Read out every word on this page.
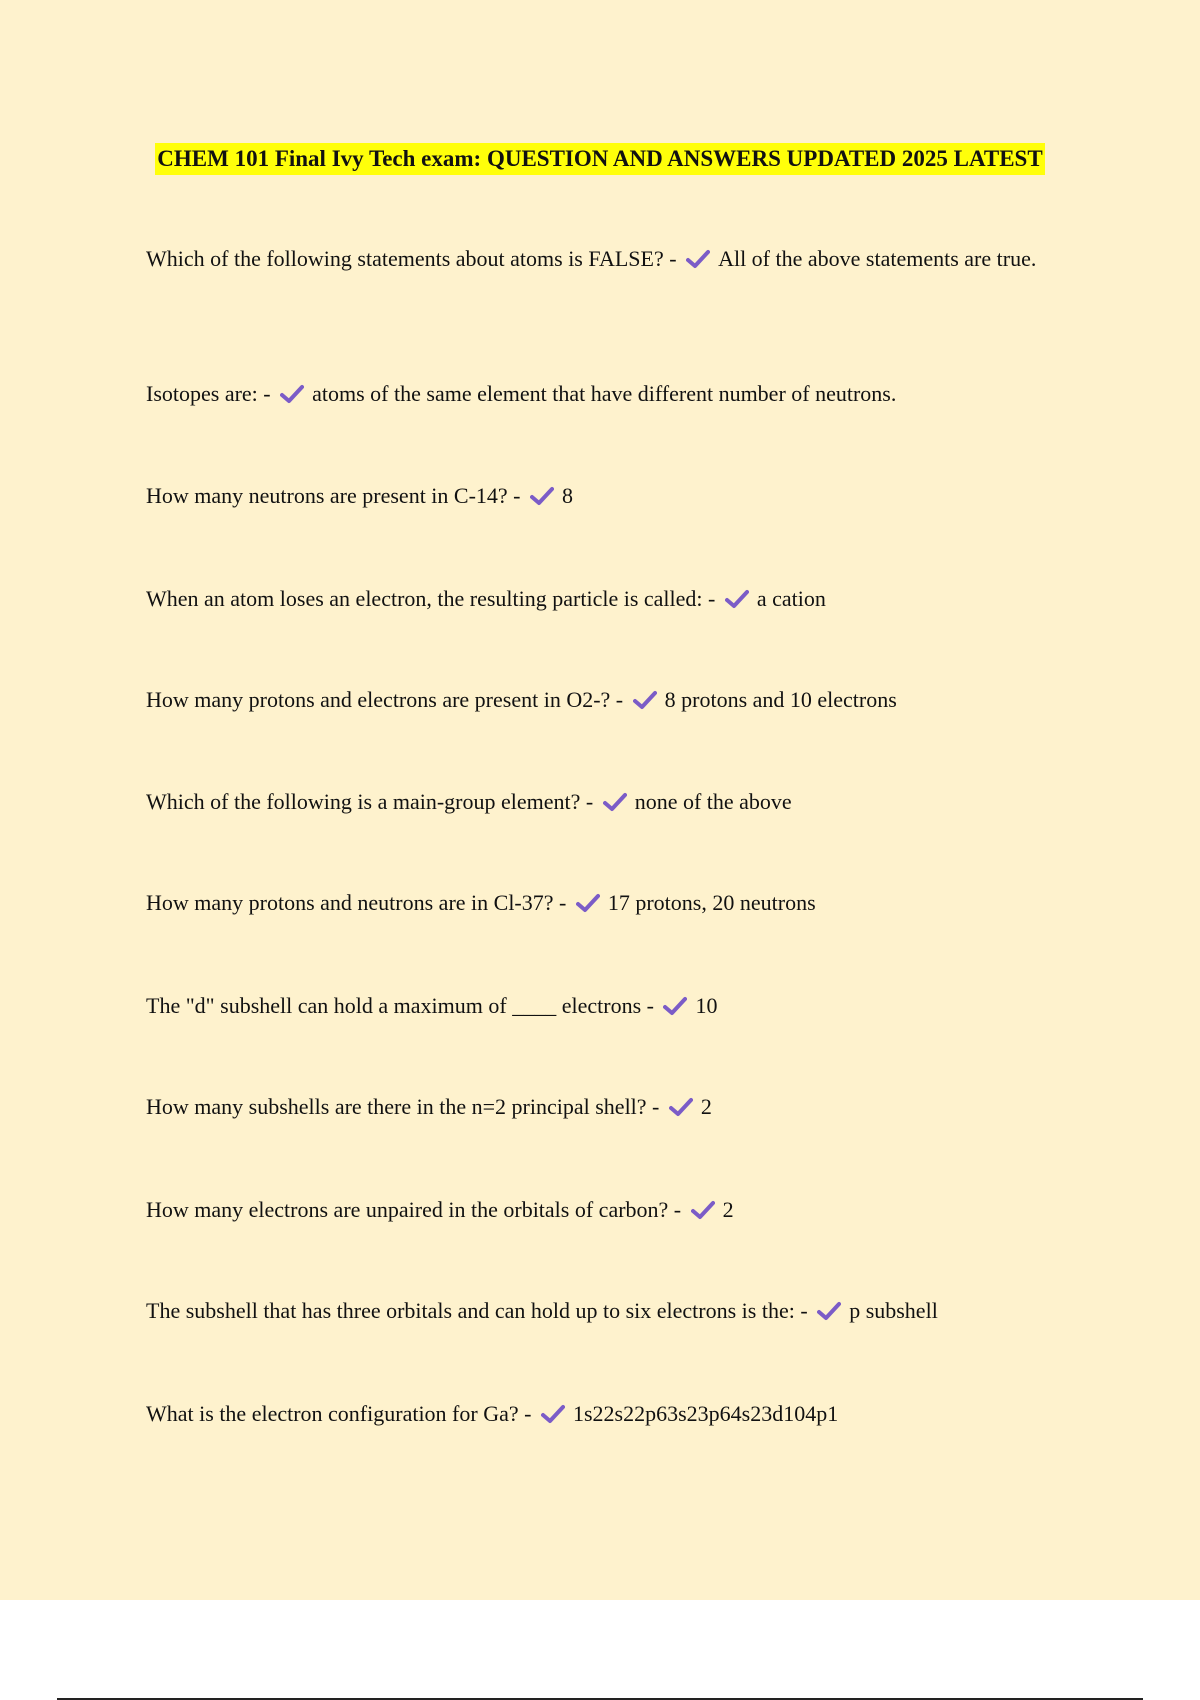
CHEM 101 Final Ivy Tech exam: QUESTION AND ANSWERS UPDATED 2025 LATEST
Which of the following statements about atoms is FALSE? - All of the above statements are true.
Isotopes are: - atoms of the same element that have different number of neutrons.
How many neutrons are present in C-14? - 8
When an atom loses an electron, the resulting particle is called: - a cation
How many protons and electrons are present in O2-? - 8 protons and 10 electrons
Which of the following is a main-group element? - none of the above
How many protons and neutrons are in Cl-37? - 17 protons, 20 neutrons
The "d" subshell can hold a maximum of ____ electrons - 10
How many subshells are there in the n=2 principal shell? - 2
How many electrons are unpaired in the orbitals of carbon? - 2
The subshell that has three orbitals and can hold up to six electrons is the: - p subshell
What is the electron configuration for Ga? - 1s22s22p63s23p64s23d104p1
